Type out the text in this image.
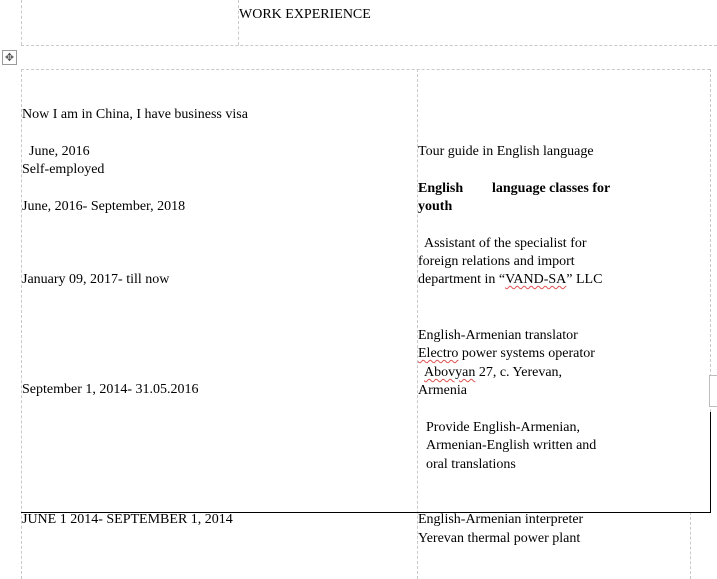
✥
WORK EXPERIENCE
Now I am in China, I have business visa
June, 2016
Self-employed
June, 2016- September, 2018
January 09, 2017- till now
September 1, 2014- 31.05.2016
JUNE 1 2014- SEPTEMBER 1, 2014
Tour guide in English language
English language classes for
youth
Assistant of the specialist for
foreign relations and import
department in “VAND-SA” LLC
English-Armenian translator
Electro power systems operator
Abovyan 27, c. Yerevan,
Armenia
Provide English-Armenian,
Armenian-English written and
oral translations
English-Armenian interpreter
Yerevan thermal power plant
